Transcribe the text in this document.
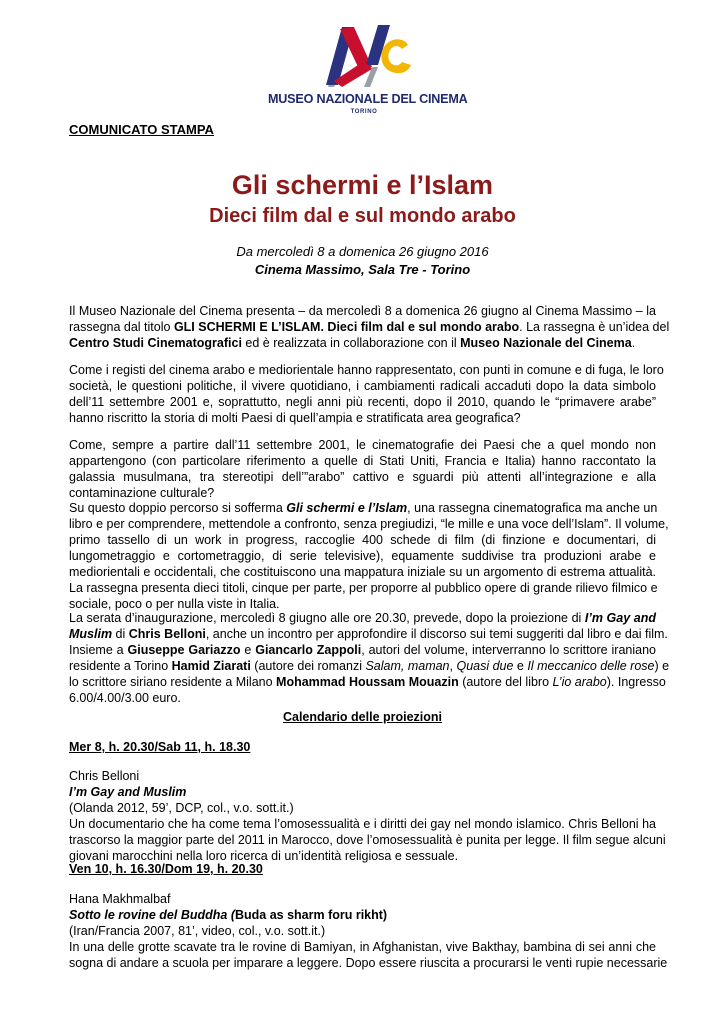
MUSEO NAZIONALE DEL CINEMA
TORINO
COMUNICATO STAMPA
Gli schermi e l’Islam
Dieci film dal e sul mondo arabo
Da mercoledì 8 a domenica 26 giugno 2016
Cinema Massimo, Sala Tre - Torino
Il Museo Nazionale del Cinema presenta – da mercoledì 8 a domenica 26 giugno al Cinema Massimo – la
rassegna dal titolo GLI SCHERMI E L’ISLAM. Dieci film dal e sul mondo arabo. La rassegna è un’idea del
Centro Studi Cinematografici ed è realizzata in collaborazione con il Museo Nazionale del Cinema.
Come i registi del cinema arabo e mediorientale hanno rappresentato, con punti in comune e di fuga, le loro
società, le questioni politiche, il vivere quotidiano, i cambiamenti radicali accaduti dopo la data simbolo
dell’11 settembre 2001 e, soprattutto, negli anni più recenti, dopo il 2010, quando le “primavere arabe”
hanno riscritto la storia di molti Paesi di quell’ampia e stratificata area geografica?
Come, sempre a partire dall’11 settembre 2001, le cinematografie dei Paesi che a quel mondo non
appartengono (con particolare riferimento a quelle di Stati Uniti, Francia e Italia) hanno raccontato la
galassia musulmana, tra stereotipi dell’”arabo” cattivo e sguardi più attenti all’integrazione e alla
contaminazione culturale?
Su questo doppio percorso si sofferma Gli schermi e l’Islam, una rassegna cinematografica ma anche un
libro e per comprendere, mettendole a confronto, senza pregiudizi, “le mille e una voce dell’Islam”. Il volume,
primo tassello di un work in progress, raccoglie 400 schede di film (di finzione e documentari, di
lungometraggio e cortometraggio, di serie televisive), equamente suddivise tra produzioni arabe e
mediorientali e occidentali, che costituiscono una mappatura iniziale su un argomento di estrema attualità.
La rassegna presenta dieci titoli, cinque per parte, per proporre al pubblico opere di grande rilievo filmico e
sociale, poco o per nulla viste in Italia.
La serata d’inaugurazione, mercoledì 8 giugno alle ore 20.30, prevede, dopo la proiezione di I’m Gay and
Muslim di Chris Belloni, anche un incontro per approfondire il discorso sui temi suggeriti dal libro e dai film.
Insieme a Giuseppe Gariazzo e Giancarlo Zappoli, autori del volume, interverranno lo scrittore iraniano
residente a Torino Hamid Ziarati (autore dei romanzi Salam, maman, Quasi due e Il meccanico delle rose) e
lo scrittore siriano residente a Milano Mohammad Houssam Mouazin (autore del libro L’io arabo). Ingresso
6.00/4.00/3.00 euro.
Calendario delle proiezioni
Mer 8, h. 20.30/Sab 11, h. 18.30
Chris Belloni
I’m Gay and Muslim
(Olanda 2012, 59’, DCP, col., v.o. sott.it.)
Un documentario che ha come tema l’omosessualità e i diritti dei gay nel mondo islamico. Chris Belloni ha
trascorso la maggior parte del 2011 in Marocco, dove l’omosessualità è punita per legge. Il film segue alcuni
giovani marocchini nella loro ricerca di un’identità religiosa e sessuale.
Ven 10, h. 16.30/Dom 19, h. 20.30
Hana Makhmalbaf
Sotto le rovine del Buddha (Buda as sharm foru rikht)
(Iran/Francia 2007, 81’, video, col., v.o. sott.it.)
In una delle grotte scavate tra le rovine di Bamiyan, in Afghanistan, vive Bakthay, bambina di sei anni che
sogna di andare a scuola per imparare a leggere. Dopo essere riuscita a procurarsi le venti rupie necessarie
